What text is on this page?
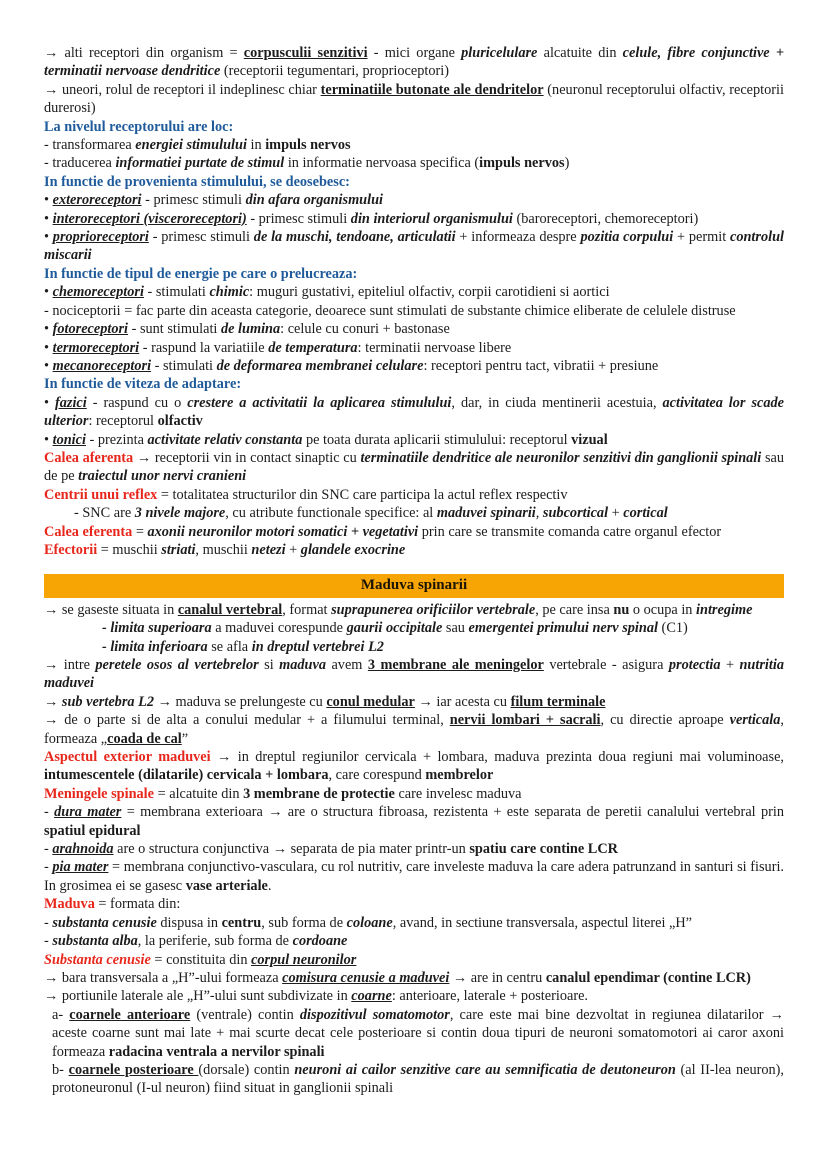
→ alti receptori din organism = corpusculii senzitivi - mici organe pluricelulare alcatuite din celule, fibre conjunctive + terminatii nervoase dendritice (receptorii tegumentari, proprioceptori)
→ uneori, rolul de receptori il indeplinesc chiar terminatiile butonate ale dendritelor (neuronul receptorului olfactiv, receptorii durerosi)
La nivelul receptorului are loc:
- transformarea energiei stimulului in impuls nervos
- traducerea informatiei purtate de stimul in informatie nervoasa specifica (impuls nervos)
In functie de provenienta stimulului, se deosebesc:
• exteroreceptori - primesc stimuli din afara organismului
• interoreceptori (visceroreceptori) - primesc stimuli din interiorul organismului (baroreceptori, chemoreceptori)
• proprioreceptori - primesc stimuli de la muschi, tendoane, articulatii + informeaza despre pozitia corpului + permit controlul miscarii
In functie de tipul de energie pe care o prelucreaza:
• chemoreceptori - stimulati chimic: muguri gustativi, epiteliul olfactiv, corpii carotidieni si aortici
- nociceptorii = fac parte din aceasta categorie, deoarece sunt stimulati de substante chimice eliberate de celulele distruse
• fotoreceptori - sunt stimulati de lumina: celule cu conuri + bastonase
• termoreceptori - raspund la variatiile de temperatura: terminatii nervoase libere
• mecanoreceptori - stimulati de deformarea membranei celulare: receptori pentru tact, vibratii + presiune
In functie de viteza de adaptare:
• fazici - raspund cu o crestere a activitatii la aplicarea stimulului, dar, in ciuda mentinerii acestuia, activitatea lor scade ulterior: receptorul olfactiv
• tonici - prezinta activitate relativ constanta pe toata durata aplicarii stimulului: receptorul vizual
Calea aferenta → receptorii vin in contact sinaptic cu terminatiile dendritice ale neuronilor senzitivi din ganglionii spinali sau de pe traiectul unor nervi cranieni
Centrii unui reflex = totalitatea structurilor din SNC care participa la actul reflex respectiv
- SNC are 3 nivele majore, cu atribute functionale specifice: al maduvei spinarii, subcortical + cortical
Calea eferenta = axonii neuronilor motori somatici + vegetativi prin care se transmite comanda catre organul efector
Efectorii = muschii striati, muschii netezi + glandele exocrine
Maduva spinarii
→ se gaseste situata in canalul vertebral, format suprapunerea orificiilor vertebrale, pe care insa nu o ocupa in intregime
- limita superioara a maduvei corespunde gaurii occipitale sau emergentei primului nerv spinal (C1)
- limita inferioara se afla in dreptul vertebrei L2
→ intre peretele osos al vertebrelor si maduva avem 3 membrane ale meningelor vertebrale - asigura protectia + nutritia maduvei
→ sub vertebra L2 → maduva se prelungeste cu conul medular → iar acesta cu filum terminale
→ de o parte si de alta a conului medular + a filumului terminal, nervii lombari + sacrali, cu directie aproape verticala, formeaza „coada de cal”
Aspectul exterior maduvei → in dreptul regiunilor cervicala + lombara, maduva prezinta doua regiuni mai voluminoase, intumescentele (dilatarile) cervicala + lombara, care corespund membrelor
Meningele spinale = alcatuite din 3 membrane de protectie care invelesc maduva
- dura mater = membrana exterioara → are o structura fibroasa, rezistenta + este separata de peretii canalului vertebral prin spatiul epidural
- arahnoida are o structura conjunctiva → separata de pia mater printr-un spatiu care contine LCR
- pia mater = membrana conjunctivo-vasculara, cu rol nutritiv, care inveleste maduva la care adera patrunzand in santuri si fisuri. In grosimea ei se gasesc vase arteriale.
Maduva = formata din:
- substanta cenusie dispusa in centru, sub forma de coloane, avand, in sectiune transversala, aspectul literei „H”
- substanta alba, la periferie, sub forma de cordoane
Substanta cenusie = constituita din corpul neuronilor
→ bara transversala a „H”-ului formeaza comisura cenusie a maduvei → are in centru canalul ependimar (contine LCR)
→ portiunile laterale ale „H”-ului sunt subdivizate in coarne: anterioare, laterale + posterioare.
a- coarnele anterioare (ventrale) contin dispozitivul somatomotor, care este mai bine dezvoltat in regiunea dilatarilor → aceste coarne sunt mai late + mai scurte decat cele posterioare si contin doua tipuri de neuroni somatomotori ai caror axoni formeaza radacina ventrala a nervilor spinali
b- coarnele posterioare (dorsale) contin neuroni ai cailor senzitive care au semnificatia de deutoneuron (al II-lea neuron), protoneuronul (I-ul neuron) fiind situat in ganglionii spinali
